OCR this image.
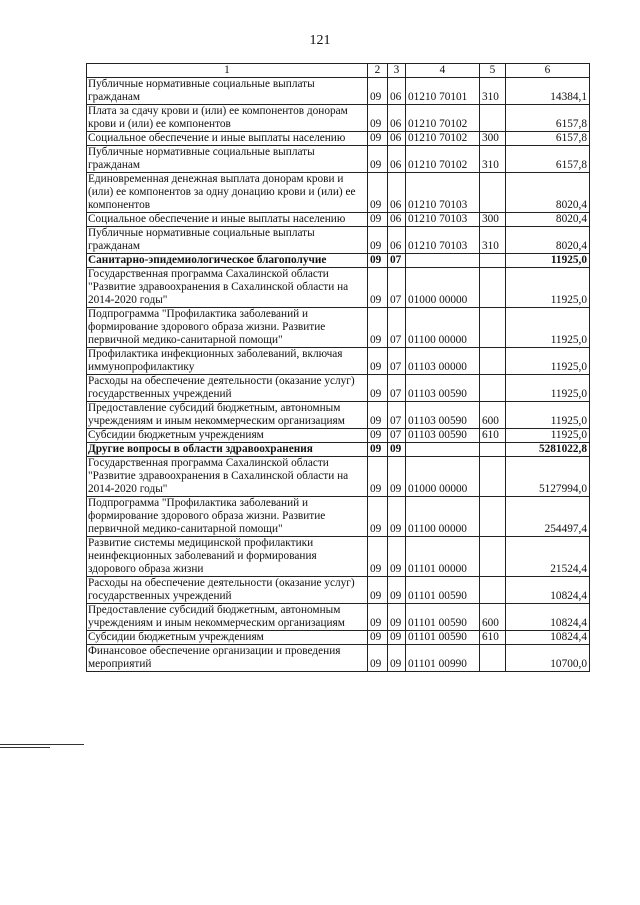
121
1	2	3	4	5	6
Публичные нормативные социальные выплаты гражданам	09	06	01210 70101	310	14384,1
Плата за сдачу крови и (или) ее компонентов донорам крови и (или) ее компонентов	09	06	01210 70102		6157,8
Социальное обеспечение и иные выплаты населению	09	06	01210 70102	300	6157,8
Публичные нормативные социальные выплаты гражданам	09	06	01210 70102	310	6157,8
Единовременная денежная выплата донорам крови и (или) ее компонентов за одну донацию крови и (или) ее компонентов	09	06	01210 70103		8020,4
Социальное обеспечение и иные выплаты населению	09	06	01210 70103	300	8020,4
Публичные нормативные социальные выплаты гражданам	09	06	01210 70103	310	8020,4
Санитарно-эпидемиологическое благополучие	09	07			11925,0
Государственная программа Сахалинской области "Развитие здравоохранения в Сахалинской области на 2014-2020 годы"	09	07	01000 00000		11925,0
Подпрограмма "Профилактика заболеваний и формирование здорового образа жизни. Развитие первичной медико-санитарной помощи"	09	07	01100 00000		11925,0
Профилактика инфекционных заболеваний, включая иммунопрофилактику	09	07	01103 00000		11925,0
Расходы на обеспечение деятельности (оказание услуг) государственных учреждений	09	07	01103 00590		11925,0
Предоставление субсидий бюджетным, автономным учреждениям и иным некоммерческим организациям	09	07	01103 00590	600	11925,0
Субсидии бюджетным учреждениям	09	07	01103 00590	610	11925,0
Другие вопросы в области здравоохранения	09	09			5281022,8
Государственная программа Сахалинской области "Развитие здравоохранения в Сахалинской области на 2014-2020 годы"	09	09	01000 00000		5127994,0
Подпрограмма "Профилактика заболеваний и формирование здорового образа жизни. Развитие первичной медико-санитарной помощи"	09	09	01100 00000		254497,4
Развитие системы медицинской профилактики неинфекционных заболеваний и формирования здорового образа жизни	09	09	01101 00000		21524,4
Расходы на обеспечение деятельности (оказание услуг) государственных учреждений	09	09	01101 00590		10824,4
Предоставление субсидий бюджетным, автономным учреждениям и иным некоммерческим организациям	09	09	01101 00590	600	10824,4
Субсидии бюджетным учреждениям	09	09	01101 00590	610	10824,4
Финансовое обеспечение организации и проведения мероприятий	09	09	01101 00990		10700,0
